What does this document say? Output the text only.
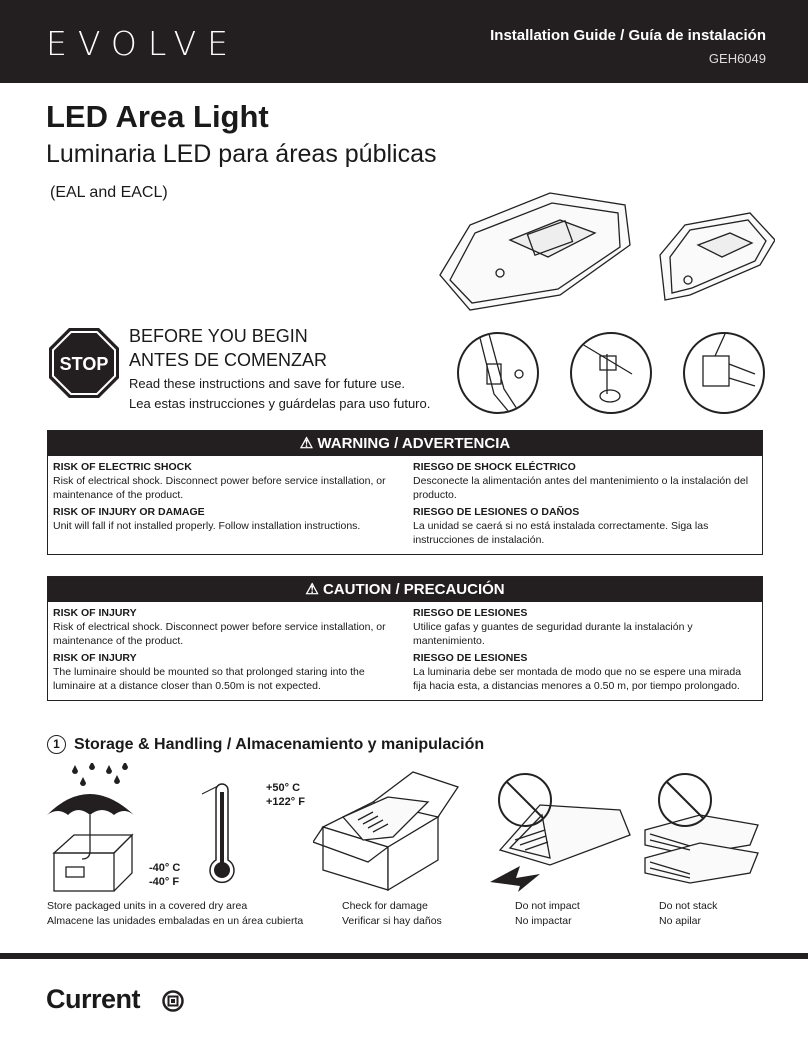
EVOLVE	Installation Guide / Guía de instalación
GEH6049
LED Area Light
Luminaria LED para áreas públicas
(EAL and EACL)
STOP
BEFORE YOU BEGIN
ANTES DE COMENZAR
Read these instructions and save for future use.
Lea estas instrucciones y guárdelas para uso futuro.
⚠ WARNING / ADVERTENCIA

RISK OF ELECTRIC SHOCK
Risk of electrical shock. Disconnect power before service installation, or maintenance of the product.

RISK OF INJURY OR DAMAGE
Unit will fall if not installed properly. Follow installation instructions.

RIESGO DE SHOCK ELÉCTRICO
Desconecte la alimentación antes del mantenimiento o la instalación del producto.

RIESGO DE LESIONES O DAÑOS
La unidad se caerá si no está instalada correctamente. Siga las instrucciones de instalación.

⚠ CAUTION / PRECAUCIÓN

RISK OF INJURY
Risk of electrical shock. Disconnect power before service installation, or maintenance of the product.

RISK OF INJURY
The luminaire should be mounted so that prolonged staring into the luminaire at a distance closer than 0.50m is not expected.

RIESGO DE LESIONES
Utilice gafas y guantes de seguridad durante la instalación y mantenimiento.

RIESGO DE LESIONES
La luminaria debe ser montada de modo que no se espere una mirada fija hacia esta, a distancias menores a 0.50 m, por tiempo prolongado.

1 Storage & Handling / Almacenamiento y manipulación
+50° C
+122° F
-40° C
-40° F
Store packaged units in a covered dry area
Almacene las unidades embaladas en un área cubierta
Check for damage
Verificar si hay daños
Do not impact
No impactar
Do not stack
No apilar
Current
